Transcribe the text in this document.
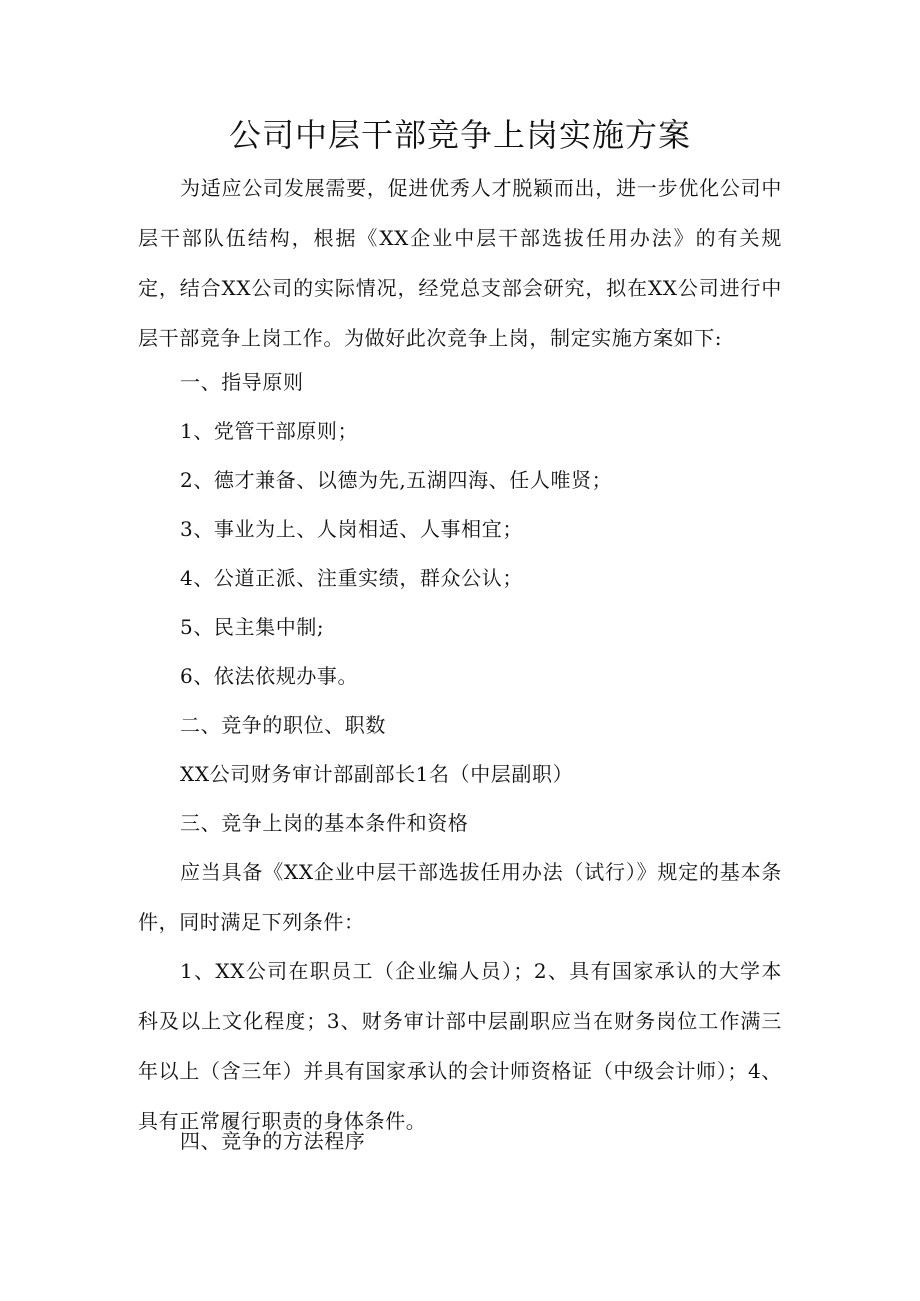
公司中层干部竞争上岗实施方案

为适应公司发展需要，促进优秀人才脱颖而出，进一步优化公司中层干部队伍结构，根据《XX企业中层干部选拔任用办法》的有关规定，结合XX公司的实际情况，经党总支部会研究，拟在XX公司进行中层干部竞争上岗工作。为做好此次竞争上岗，制定实施方案如下:

一、指导原则

1、党管干部原则；

2、德才兼备、以德为先,五湖四海、任人唯贤；

3、事业为上、人岗相适、人事相宜；

4、公道正派、注重实绩，群众公认；

5、民主集中制;

6、依法依规办事。

二、竞争的职位、职数

XX公司财务审计部副部长1名（中层副职）

三、竞争上岗的基本条件和资格

应当具备《XX企业中层干部选拔任用办法（试行）》规定的基本条件，同时满足下列条件：

1、XX公司在职员工（企业编人员）；2、具有国家承认的大学本科及以上文化程度；3、财务审计部中层副职应当在财务岗位工作满三年以上（含三年）并具有国家承认的会计师资格证（中级会计师）；4、具有正常履行职责的身体条件。

四、竞争的方法程序
